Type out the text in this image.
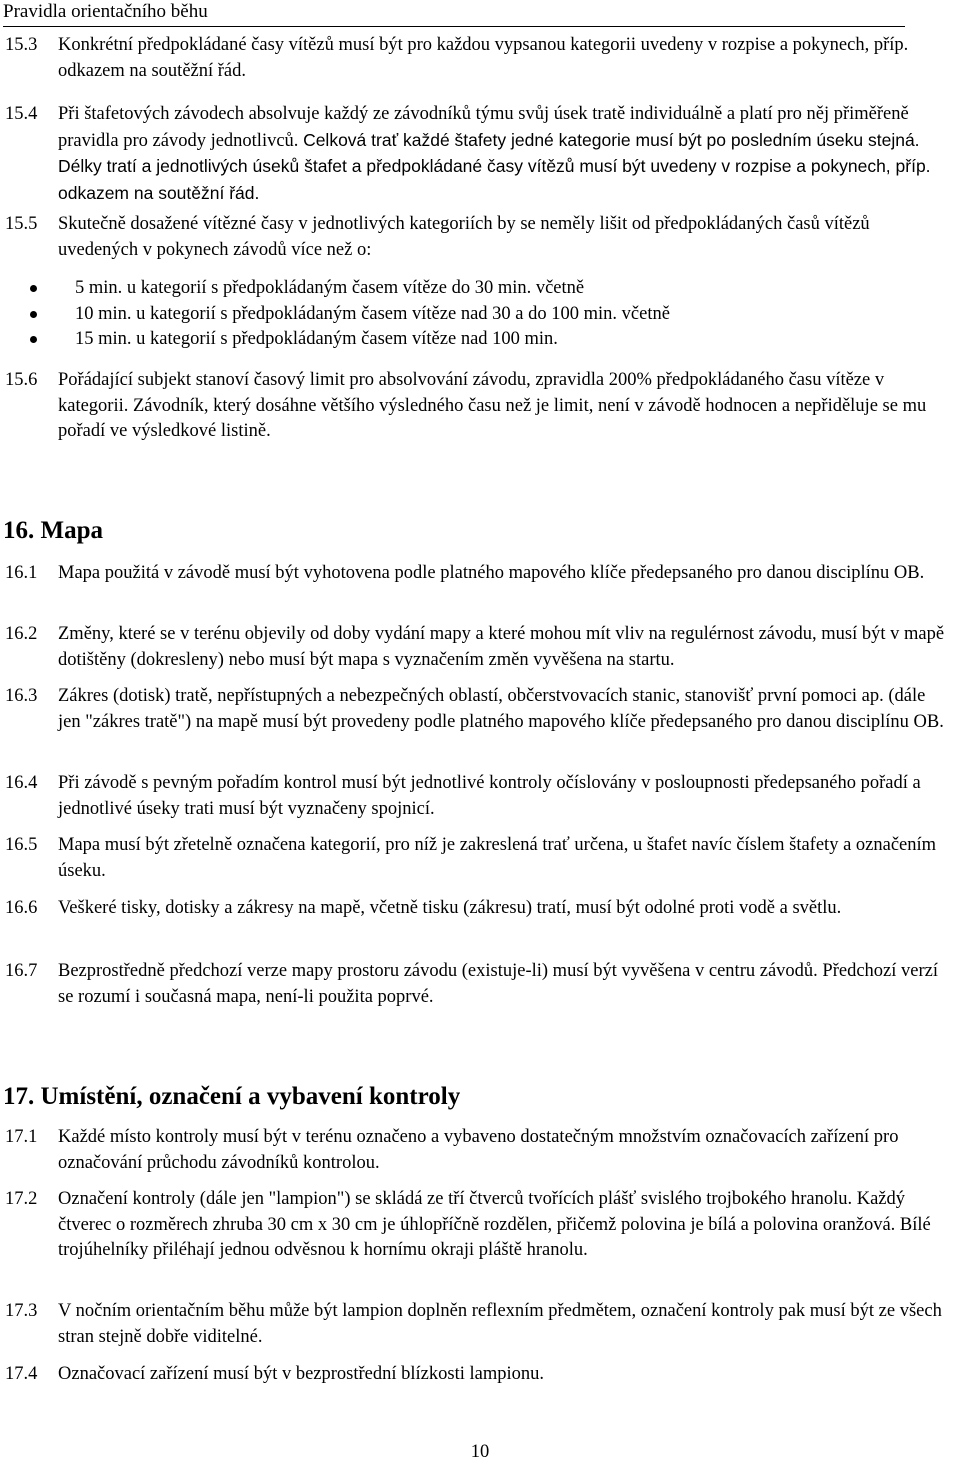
Pravidla orientačního běhu
15.3 Konkrétní předpokládané časy vítězů musí být pro každou vypsanou kategorii uvedeny v rozpise a pokynech, příp. odkazem na soutěžní řád.
15.4 Při štafetových závodech absolvuje každý ze závodníků týmu svůj úsek tratě individuálně a platí pro něj přiměřeně pravidla pro závody jednotlivců. Celková trať každé štafety jedné kategorie musí být po posledním úseku stejná. Délky tratí a jednotlivých úseků štafet a předpokládané časy vítězů musí být uvedeny v rozpise a pokynech, příp. odkazem na soutěžní řád.
15.5 Skutečně dosažené vítězné časy v jednotlivých kategoriích by se neměly lišit od předpokládaných časů vítězů uvedených v pokynech závodů více než o:
5 min. u kategorií s předpokládaným časem vítěze do 30 min. včetně
10 min. u kategorií s předpokládaným časem vítěze nad 30 a do 100 min. včetně
15 min. u kategorií s předpokládaným časem vítěze nad 100 min.
15.6 Pořádající subjekt stanoví časový limit pro absolvování závodu, zpravidla 200% předpokládaného času vítěze v kategorii. Závodník, který dosáhne většího výsledného času než je limit, není v závodě hodnocen a nepřiděluje se mu pořadí ve výsledkové listině.
16. Mapa
16.1 Mapa použitá v závodě musí být vyhotovena podle platného mapového klíče předepsaného pro danou disciplínu OB.
16.2 Změny, které se v terénu objevily od doby vydání mapy a které mohou mít vliv na regulérnost závodu, musí být v mapě dotištěny (dokresleny) nebo musí být mapa s vyznačením změn vyvěšena na startu.
16.3 Zákres (dotisk) tratě, nepřístupných a nebezpečných oblastí, občerstvovacích stanic, stanovišť první pomoci ap. (dále jen "zákres tratě") na mapě musí být provedeny podle platného mapového klíče předepsaného pro danou disciplínu OB.
16.4 Při závodě s pevným pořadím kontrol musí být jednotlivé kontroly očíslovány v posloupnosti předepsaného pořadí a jednotlivé úseky trati musí být vyznačeny spojnicí.
16.5 Mapa musí být zřetelně označena kategorií, pro níž je zakreslená trať určena, u štafet navíc číslem štafety a označením úseku.
16.6 Veškeré tisky, dotisky a zákresy na mapě, včetně tisku (zákresu) tratí, musí být odolné proti vodě a světlu.
16.7 Bezprostředně předchozí verze mapy prostoru závodu (existuje-li) musí být vyvěšena v centru závodů. Předchozí verzí se rozumí i současná mapa, není-li použita poprvé.
17. Umístění, označení a vybavení kontroly
17.1 Každé místo kontroly musí být v terénu označeno a vybaveno dostatečným množstvím označovacích zařízení pro označování průchodu závodníků kontrolou.
17.2 Označení kontroly (dále jen "lampion") se skládá ze tří čtverců tvořících plášť svislého trojbokého hranolu. Každý čtverec o rozměrech zhruba 30 cm x 30 cm je úhlopříčně rozdělen, přičemž polovina je bílá a polovina oranžová. Bílé trojúhelníky přiléhají jednou odvěsnou k hornímu okraji pláště hranolu.
17.3 V nočním orientačním běhu může být lampion doplněn reflexním předmětem, označení kontroly pak musí být ze všech stran stejně dobře viditelné.
17.4 Označovací zařízení musí být v bezprostřední blízkosti lampionu.
10
